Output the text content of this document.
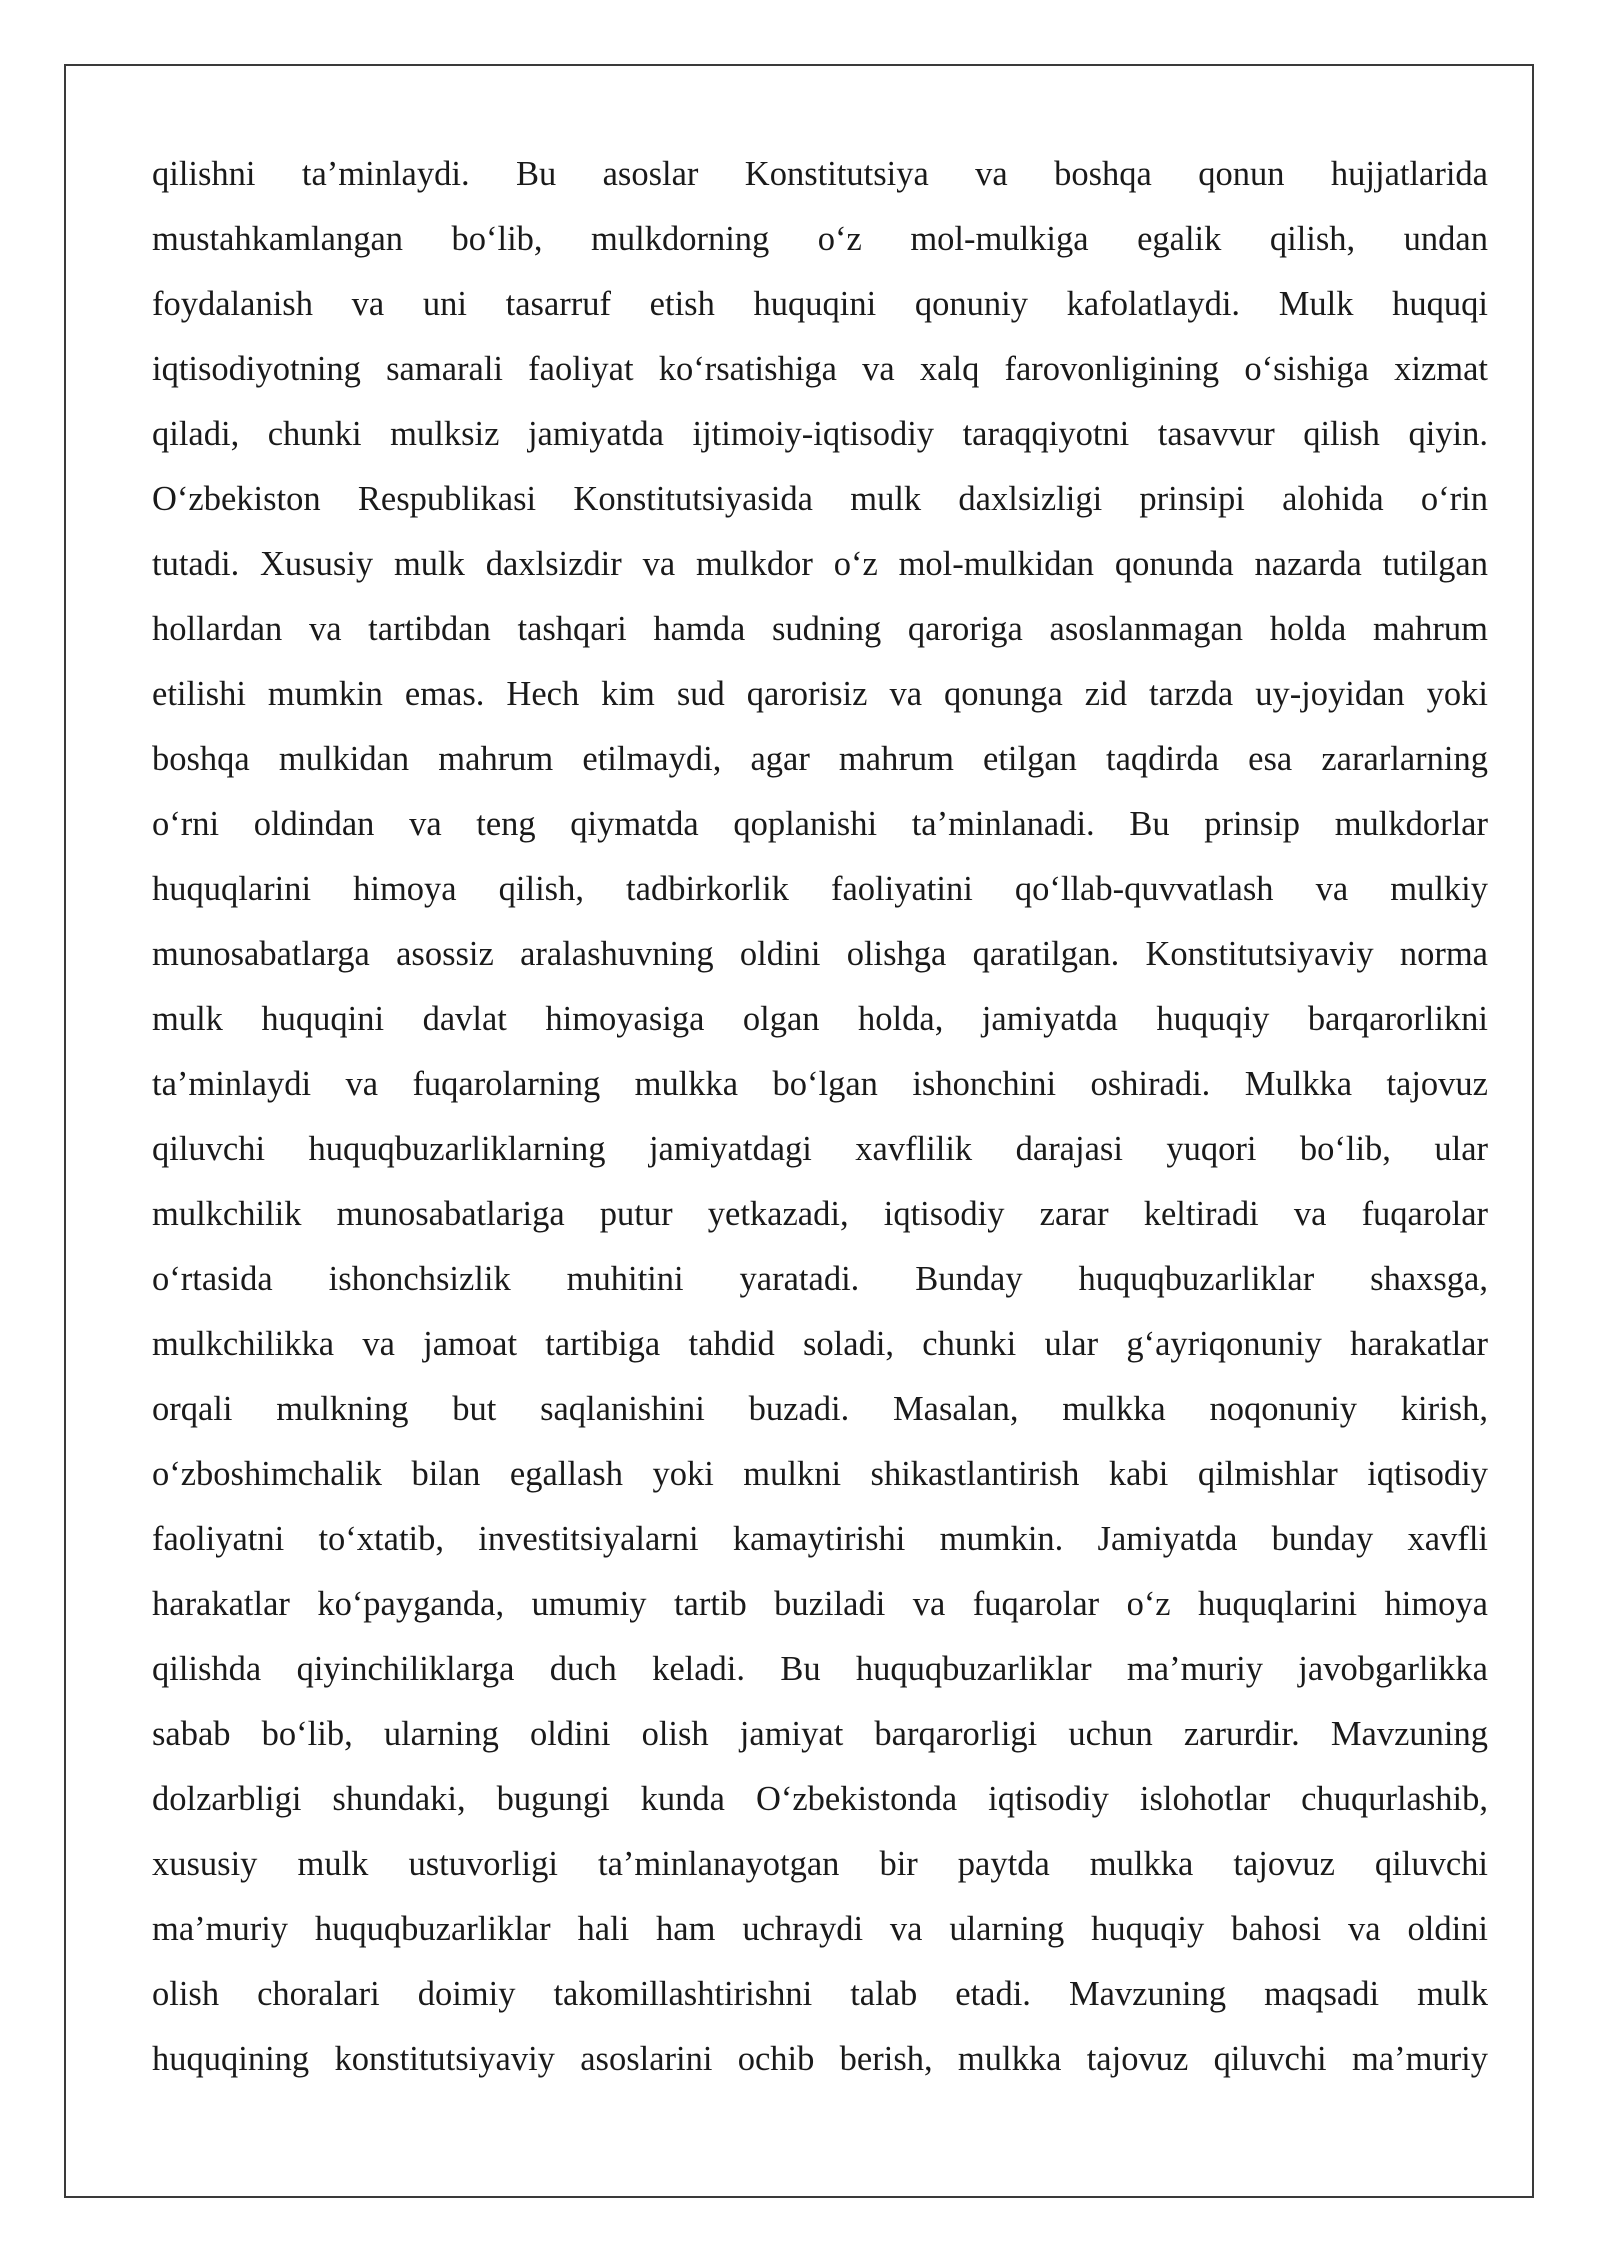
qilishni ta’minlaydi. Bu asoslar Konstitutsiya va boshqa qonun hujjatlarida
mustahkamlangan bo‘lib, mulkdorning o‘z mol-mulkiga egalik qilish, undan
foydalanish va uni tasarruf etish huquqini qonuniy kafolatlaydi. Mulk huquqi
iqtisodiyotning samarali faoliyat ko‘rsatishiga va xalq farovonligining o‘sishiga xizmat
qiladi, chunki mulksiz jamiyatda ijtimoiy-iqtisodiy taraqqiyotni tasavvur qilish qiyin.
O‘zbekiston Respublikasi Konstitutsiyasida mulk daxlsizligi prinsipi alohida o‘rin
tutadi. Xususiy mulk daxlsizdir va mulkdor o‘z mol-mulkidan qonunda nazarda tutilgan
hollardan va tartibdan tashqari hamda sudning qaroriga asoslanmagan holda mahrum
etilishi mumkin emas. Hech kim sud qarorisiz va qonunga zid tarzda uy-joyidan yoki
boshqa mulkidan mahrum etilmaydi, agar mahrum etilgan taqdirda esa zararlarning
o‘rni oldindan va teng qiymatda qoplanishi ta’minlanadi. Bu prinsip mulkdorlar
huquqlarini himoya qilish, tadbirkorlik faoliyatini qo‘llab-quvvatlash va mulkiy
munosabatlarga asossiz aralashuvning oldini olishga qaratilgan. Konstitutsiyaviy norma
mulk huquqini davlat himoyasiga olgan holda, jamiyatda huquqiy barqarorlikni
ta’minlaydi va fuqarolarning mulkka bo‘lgan ishonchini oshiradi. Mulkka tajovuz
qiluvchi huquqbuzarliklarning jamiyatdagi xavflilik darajasi yuqori bo‘lib, ular
mulkchilik munosabatlariga putur yetkazadi, iqtisodiy zarar keltiradi va fuqarolar
o‘rtasida ishonchsizlik muhitini yaratadi. Bunday huquqbuzarliklar shaxsga,
mulkchilikka va jamoat tartibiga tahdid soladi, chunki ular g‘ayriqonuniy harakatlar
orqali mulkning but saqlanishini buzadi. Masalan, mulkka noqonuniy kirish,
o‘zboshimchalik bilan egallash yoki mulkni shikastlantirish kabi qilmishlar iqtisodiy
faoliyatni to‘xtatib, investitsiyalarni kamaytirishi mumkin. Jamiyatda bunday xavfli
harakatlar ko‘payganda, umumiy tartib buziladi va fuqarolar o‘z huquqlarini himoya
qilishda qiyinchiliklarga duch keladi. Bu huquqbuzarliklar ma’muriy javobgarlikka
sabab bo‘lib, ularning oldini olish jamiyat barqarorligi uchun zarurdir. Mavzuning
dolzarbligi shundaki, bugungi kunda O‘zbekistonda iqtisodiy islohotlar chuqurlashib,
xususiy mulk ustuvorligi ta’minlanayotgan bir paytda mulkka tajovuz qiluvchi
ma’muriy huquqbuzarliklar hali ham uchraydi va ularning huquqiy bahosi va oldini
olish choralari doimiy takomillashtirishni talab etadi. Mavzuning maqsadi mulk
huquqining konstitutsiyaviy asoslarini ochib berish, mulkka tajovuz qiluvchi ma’muriy
